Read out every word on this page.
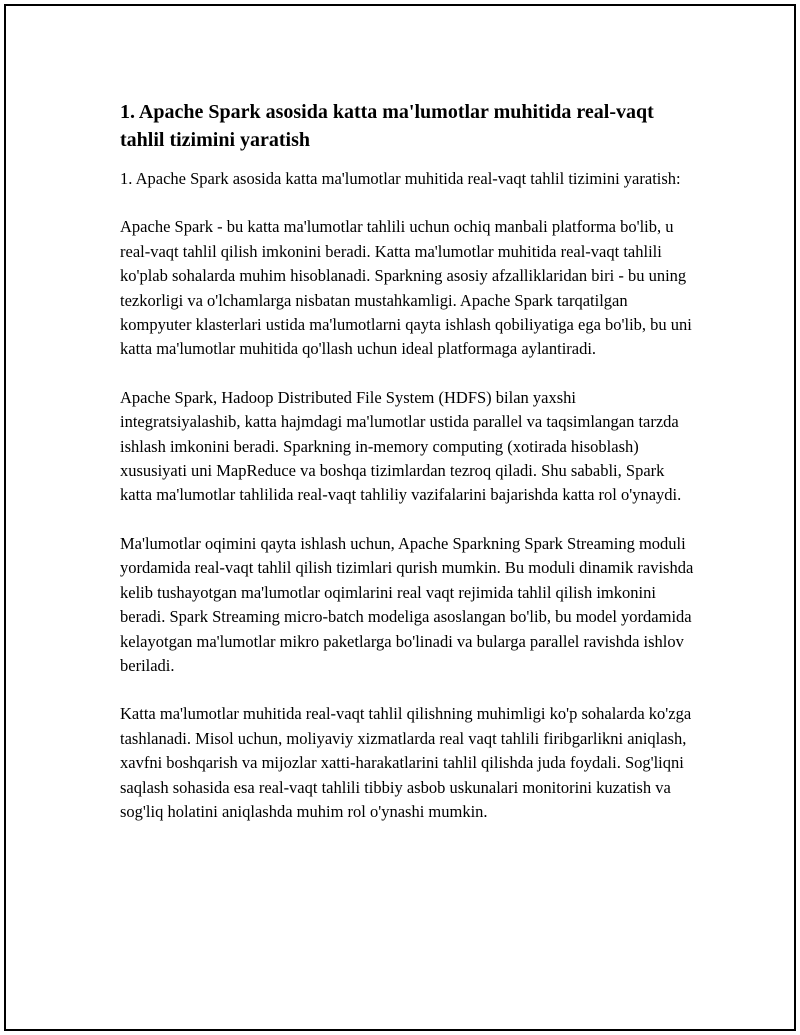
1. Apache Spark asosida katta ma'lumotlar muhitida real-vaqt tahlil tizimini yaratish

1. Apache Spark asosida katta ma'lumotlar muhitida real-vaqt tahlil tizimini yaratish:

Apache Spark - bu katta ma'lumotlar tahlili uchun ochiq manbali platforma bo'lib, u real-vaqt tahlil qilish imkonini beradi. Katta ma'lumotlar muhitida real-vaqt tahlili ko'plab sohalarda muhim hisoblanadi. Sparkning asosiy afzalliklaridan biri - bu uning tezkorligi va o'lchamlarga nisbatan mustahkamligi. Apache Spark tarqatilgan kompyuter klasterlari ustida ma'lumotlarni qayta ishlash qobiliyatiga ega bo'lib, bu uni katta ma'lumotlar muhitida qo'llash uchun ideal platformaga aylantiradi.

Apache Spark, Hadoop Distributed File System (HDFS) bilan yaxshi integratsiyalashib, katta hajmdagi ma'lumotlar ustida parallel va taqsimlangan tarzda ishlash imkonini beradi. Sparkning in-memory computing (xotirada hisoblash) xususiyati uni MapReduce va boshqa tizimlardan tezroq qiladi. Shu sababli, Spark katta ma'lumotlar tahlilida real-vaqt tahliliy vazifalarini bajarishda katta rol o'ynaydi.

Ma'lumotlar oqimini qayta ishlash uchun, Apache Sparkning Spark Streaming moduli yordamida real-vaqt tahlil qilish tizimlari qurish mumkin. Bu moduli dinamik ravishda kelib tushayotgan ma'lumotlar oqimlarini real vaqt rejimida tahlil qilish imkonini beradi. Spark Streaming micro-batch modeliga asoslangan bo'lib, bu model yordamida kelayotgan ma'lumotlar mikro paketlarga bo'linadi va bularga parallel ravishda ishlov beriladi.

Katta ma'lumotlar muhitida real-vaqt tahlil qilishning muhimligi ko'p sohalarda ko'zga tashlanadi. Misol uchun, moliyaviy xizmatlarda real vaqt tahlili firibgarlikni aniqlash, xavfni boshqarish va mijozlar xatti-harakatlarini tahlil qilishda juda foydali. Sog'liqni saqlash sohasida esa real-vaqt tahlili tibbiy asbob uskunalari monitorini kuzatish va sog'liq holatini aniqlashda muhim rol o'ynashi mumkin.
